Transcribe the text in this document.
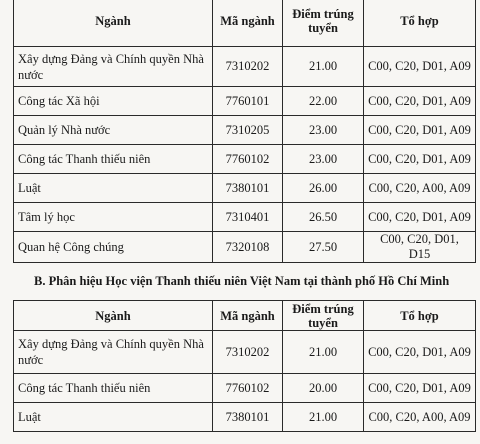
Ngành	Mã ngành	Điểm trúng tuyển	Tổ hợp
Xây dựng Đảng và Chính quyền Nhà nước	7310202	21.00	C00, C20, D01, A09
Công tác Xã hội	7760101	22.00	C00, C20, D01, A09
Quản lý Nhà nước	7310205	23.00	C00, C20, D01, A09
Công tác Thanh thiếu niên	7760102	23.00	C00, C20, D01, A09
Luật	7380101	26.00	C00, C20, A00, A09
Tâm lý học	7310401	26.50	C00, C20, D01, A09
Quan hệ Công chúng	7320108	27.50	C00, C20, D01, D15
B. Phân hiệu Học viện Thanh thiếu niên Việt Nam tại thành phố Hồ Chí Minh
Ngành	Mã ngành	Điểm trúng tuyển	Tổ hợp
Xây dựng Đảng và Chính quyền Nhà nước	7310202	21.00	C00, C20, D01, A09
Công tác Thanh thiếu niên	7760102	20.00	C00, C20, D01, A09
Luật	7380101	21.00	C00, C20, A00, A09
